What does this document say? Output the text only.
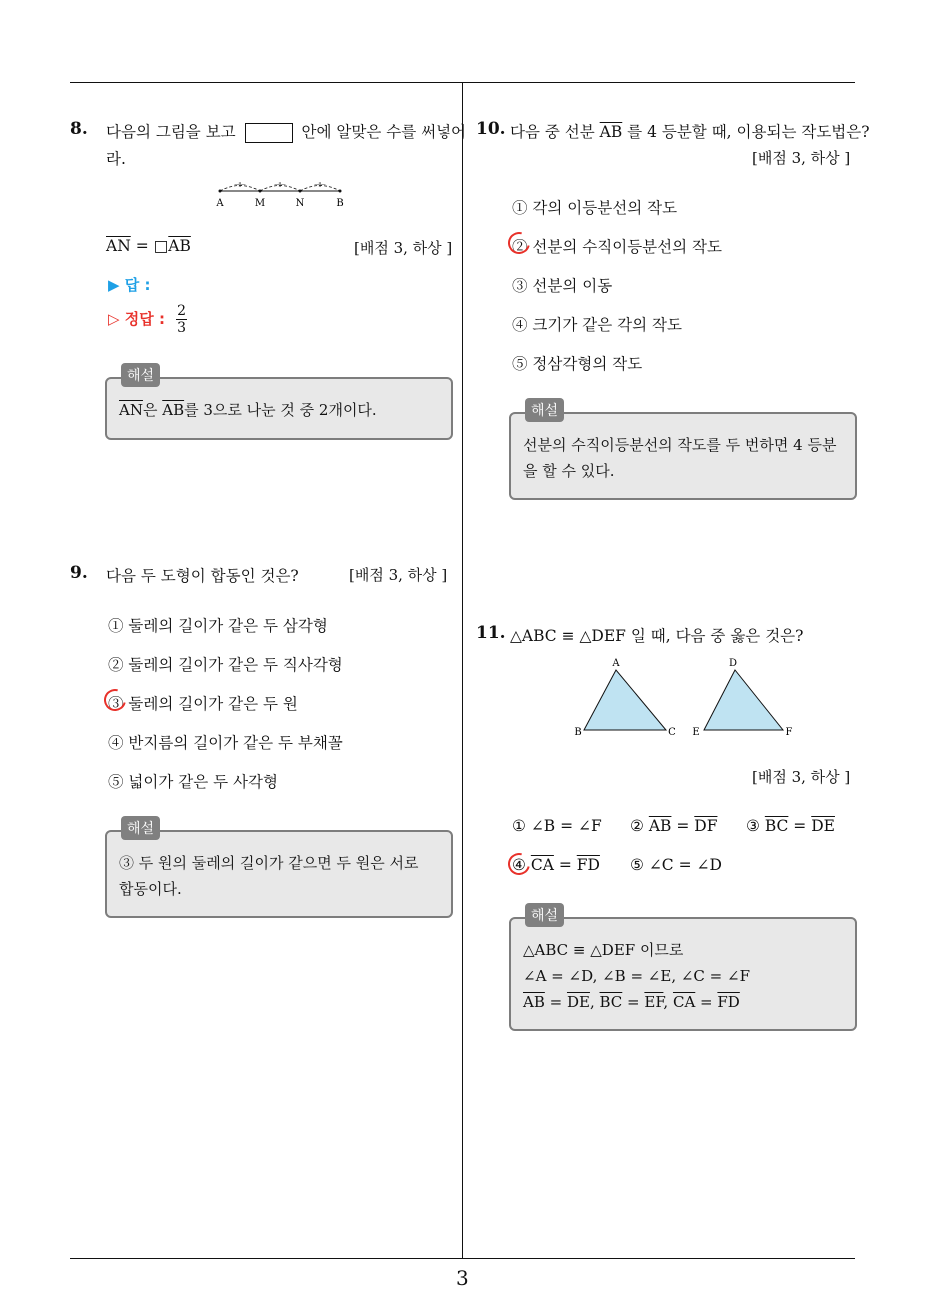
3
8. 다음의 그림을 보고	안에 알맞은 수를 써넣어
라.
⊣⊢	⊣⊢	⊣⊢
A	M	N	B
$\overline{AN}$ = $□\overline{AB}$	[배점 3, 하상 ]
▶ 답 :
▷ 정답 : $\frac{2}{3}$
해설
$\overline{AN}$은 $\overline{AB}$를 3으로 나눈 것 중 2개이다.
9. 다음 두 도형이 합동인 것은?	[배점 3, 하상 ]
① 둘레의 길이가 같은 두 삼각형
② 둘레의 길이가 같은 두 직사각형
③ 둘레의 길이가 같은 두 원
④ 반지름의 길이가 같은 두 부채꼴
⑤ 넓이가 같은 두 사각형
해설
③ 두 원의 둘레의 길이가 같으면 두 원은 서로
합동이다.
10. 다음 중 선분 $\overline{AB}$ 를 4 등분할 때, 이용되는 작도법은?
[배점 3, 하상 ]
① 각의 이등분선의 작도
② 선분의 수직이등분선의 작도
③ 선분의 이동
④ 크기가 같은 각의 작도
⑤ 정삼각형의 작도
해설
선분의 수직이등분선의 작도를 두 번하면 4 등분
을 할 수 있다.
11. △ABC ≡ △DEF 일 때, 다음 중 옳은 것은?
A
B	C
D
E	F
[배점 3, 하상 ]
① ∠B = ∠F ② $\overline{AB} = \overline{DF}$ ③ $\overline{BC} = \overline{DE}$
④ $\overline{CA} = \overline{FD}$ ⑤ ∠C = ∠D
해설
△ABC ≡ △DEF 이므로
∠A = ∠D, ∠B = ∠E, ∠C = ∠F
$\overline{AB} = \overline{DE}$, $\overline{BC} = \overline{EF}$, $\overline{CA} = \overline{FD}$
